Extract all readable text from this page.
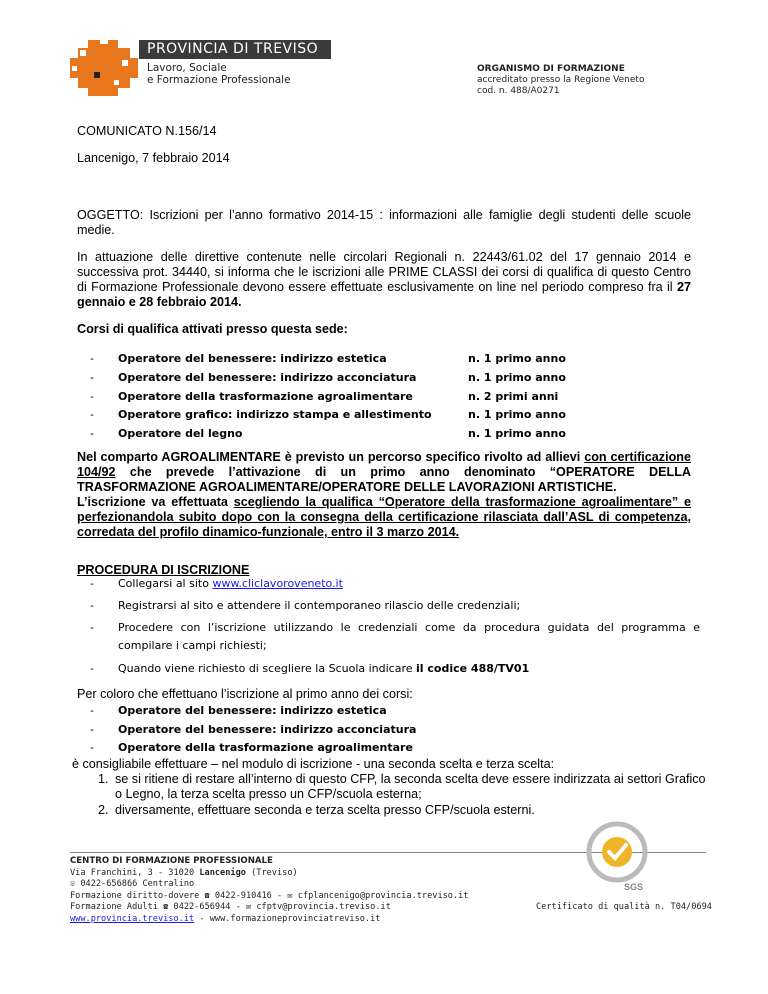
PROVINCIA DI TREVISO
Lavoro, Sociale
e Formazione Professionale
ORGANISMO DI FORMAZIONE
accreditato presso la Regione Veneto
cod. n. 488/A0271
COMUNICATO N.156/14
Lancenigo, 7 febbraio 2014
OGGETTO: Iscrizioni per l’anno formativo 2014-15 : informazioni alle famiglie degli studenti delle scuole medie.
In attuazione delle direttive contenute nelle circolari Regionali n. 22443/61.02 del 17 gennaio 2014 e successiva prot. 34440, si informa che le iscrizioni alle PRIME CLASSI dei corsi di qualifica di questo Centro di Formazione Professionale devono essere effettuate esclusivamente on line nel periodo compreso fra il 27 gennaio e 28 febbraio 2014.
Corsi di qualifica attivati presso questa sede:
- Operatore del benessere: indirizzo estetica	n. 1 primo anno
- Operatore del benessere: indirizzo acconciatura	n. 1 primo anno
- Operatore della trasformazione agroalimentare	n. 2 primi anni
- Operatore grafico: indirizzo stampa e allestimento	n. 1 primo anno
- Operatore del legno	n. 1 primo anno
Nel comparto AGROALIMENTARE è previsto un percorso specifico rivolto ad allievi con certificazione 104/92 che prevede l’attivazione di un primo anno denominato “OPERATORE DELLA TRASFORMAZIONE AGROALIMENTARE/OPERATORE DELLE LAVORAZIONI ARTISTICHE.
L’iscrizione va effettuata scegliendo la qualifica “Operatore della trasformazione agroalimentare” e perfezionandola subito dopo con la consegna della certificazione rilasciata dall’ASL di competenza, corredata del profilo dinamico-funzionale, entro il 3 marzo 2014.
PROCEDURA DI ISCRIZIONE
- Collegarsi al sito www.cliclavoroveneto.it
- Registrarsi al sito e attendere il contemporaneo rilascio delle credenziali;
- Procedere con l’iscrizione utilizzando le credenziali come da procedura guidata del programma e compilare i campi richiesti;
- Quando viene richiesto di scegliere la Scuola indicare il codice 488/TV01
Per coloro che effettuano l’iscrizione al primo anno dei corsi:
- Operatore del benessere: indirizzo estetica
- Operatore del benessere: indirizzo acconciatura
- Operatore della trasformazione agroalimentare
è consigliabile effettuare – nel modulo di iscrizione - una seconda scelta e terza scelta:
1. se si ritiene di restare all’interno di questo CFP, la seconda scelta deve essere indirizzata ai settori Grafico o Legno, la terza scelta presso un CFP/scuola esterna;
2. diversamente, effettuare seconda e terza scelta presso CFP/scuola esterni.
CENTRO DI FORMAZIONE PROFESSIONALE
Via Franchini, 3 - 31020 Lancenigo (Treviso)
☏ 0422-656866 Centralino
Formazione diritto-dovere ☎ 0422-910416 - ✉ cfplancenigo@provincia.treviso.it
Formazione Adulti ☎ 0422-656944 - ✉ cfptv@provincia.treviso.it
www.provincia.treviso.it - www.formazioneprovinciatreviso.it
SGS
Certificato di qualità n. T04/0694
